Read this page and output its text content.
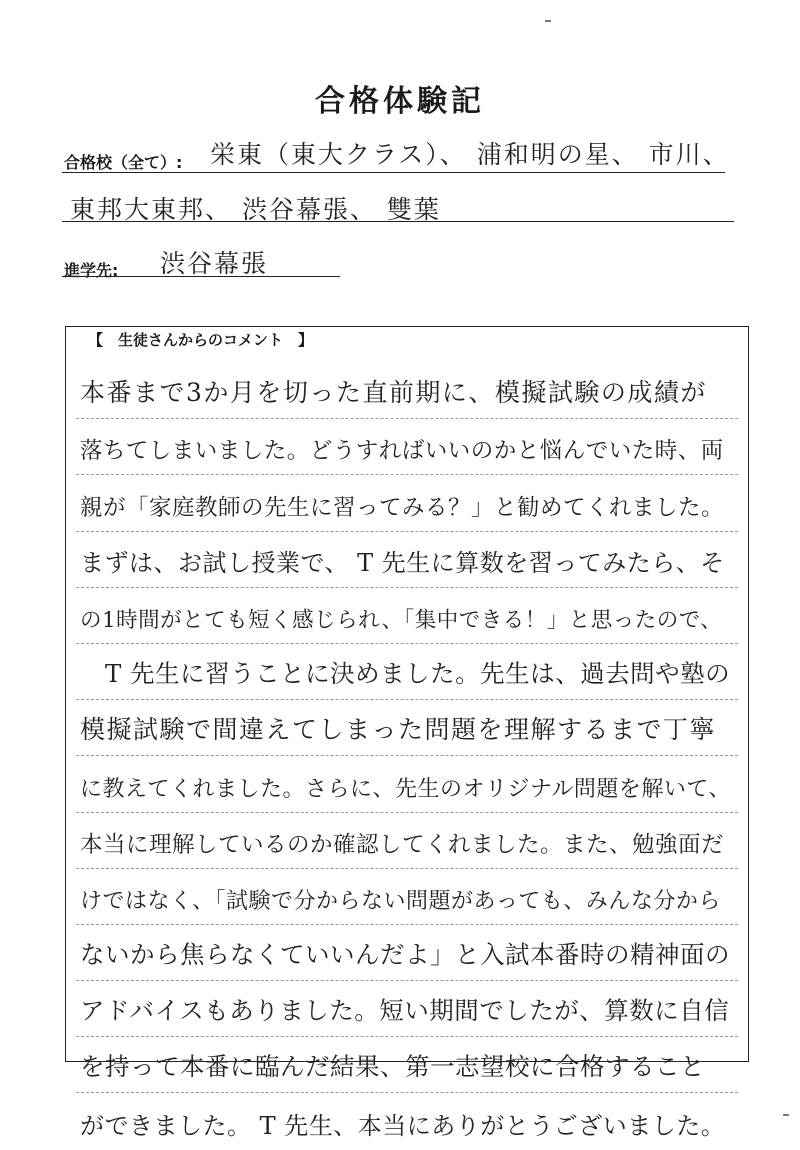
合格体験記
合格校（全て）: 栄東（東大クラス）、 浦和明の星、 市川、
東邦大東邦、 渋谷幕張、 雙葉
進学先: 渋谷幕張
【　生徒さんからのコメント　】
本番まで3か月を切った直前期に、模擬試験の成績が
落ちてしまいました。どうすればいいのかと悩んでいた時、両
親が「家庭教師の先生に習ってみる？」と勧めてくれました。
まずは、お試し授業で、 T 先生に算数を習ってみたら、そ
の1時間がとても短く感じられ、「集中できる！」と思ったので、
　T 先生に習うことに決めました。先生は、過去問や塾の
模擬試験で間違えてしまった問題を理解するまで丁寧
に教えてくれました。さらに、先生のオリジナル問題を解いて、
本当に理解しているのか確認してくれました。また、勉強面だ
けではなく、「試験で分からない問題があっても、みんな分から
ないから焦らなくていいんだよ」と入試本番時の精神面の
アドバイスもありました。短い期間でしたが、算数に自信
を持って本番に臨んだ結果、第一志望校に合格すること
ができました。 T 先生、本当にありがとうございました。
